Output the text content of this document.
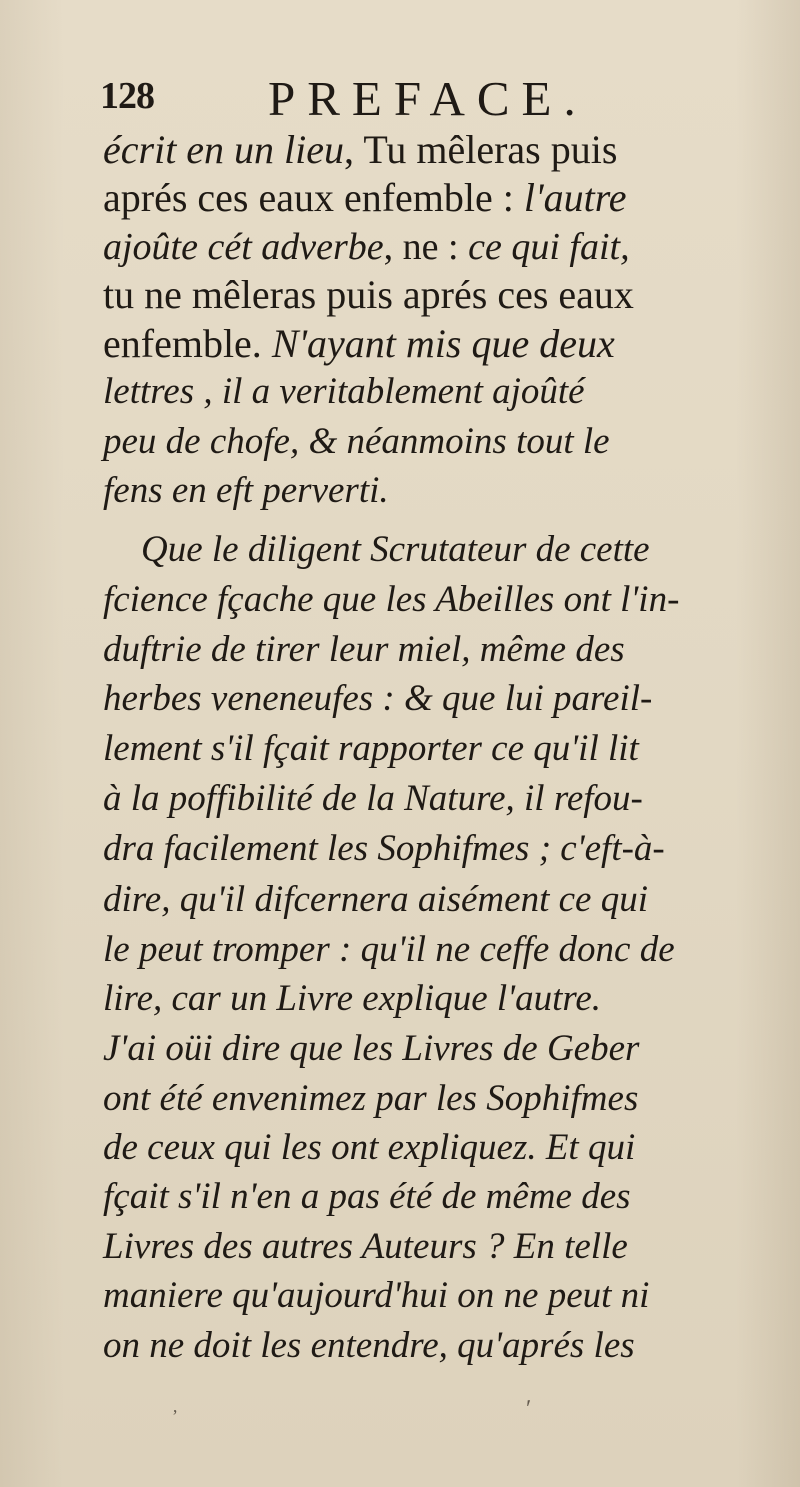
128 PREFACE.
écrit en un lieu, Tu mêleras puis
aprés ces eaux enfemble : l'autre
ajoûte cét adverbe, ne : ce qui fait,
tu ne mêleras puis aprés ces eaux
enfemble. N'ayant mis que deux
lettres , il a veritablement ajoûté
peu de chofe, & néanmoins tout le
fens en eft perverti.
Que le diligent Scrutateur de cette
fcience fçache que les Abeilles ont l'in-
duftrie de tirer leur miel, même des
herbes veneneufes : & que lui pareil-
lement s'il fçait rapporter ce qu'il lit
à la poffibilité de la Nature, il refou-
dra facilement les Sophifmes ; c'eft-à-
dire, qu'il difcernera aisément ce qui
le peut tromper : qu'il ne ceffe donc de
lire, car un Livre explique l'autre.
J'ai oüi dire que les Livres de Geber
ont été envenimez par les Sophifmes
de ceux qui les ont expliquez. Et qui
fçait s'il n'en a pas été de même des
Livres des autres Auteurs ? En telle
maniere qu'aujourd'hui on ne peut ni
on ne doit les entendre, qu'aprés les
ʼ	ʹ
